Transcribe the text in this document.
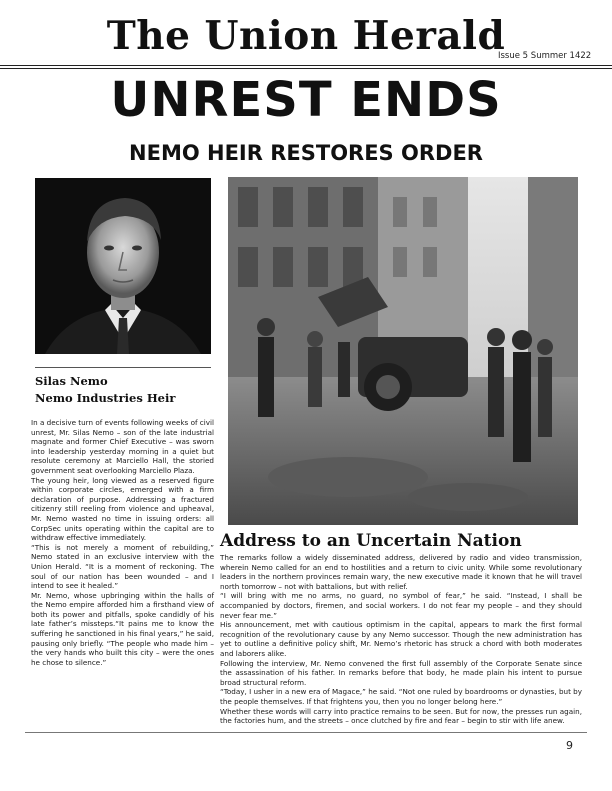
The Union Herald
Issue 5 Summer 1422
UNREST ENDS
NEMO HEIR RESTORES ORDER
Silas Nemo
Nemo Industries Heir

In a decisive turn of events following weeks of civil unrest, Mr. Silas Nemo – son of the late industrial magnate and former Chief Executive – was sworn into leadership yesterday morning in a quiet but resolute ceremony at Marciello Hall, the storied government seat overlooking Marciello Plaza.

The young heir, long viewed as a reserved figure within corporate circles, emerged with a firm declaration of purpose. Addressing a fractured citizenry still reeling from violence and upheaval, Mr. Nemo wasted no time in issuing orders: all CorpSec units operating within the capital are to withdraw effective immediately.

“This is not merely a moment of rebuilding,” Nemo stated in an exclusive interview with the Union Herald. “It is a moment of reckoning. The soul of our nation has been wounded – and I intend to see it healed.”

Mr. Nemo, whose upbringing within the halls of the Nemo empire afforded him a firsthand view of both its power and pitfalls, spoke candidly of his late father’s missteps.“It pains me to know the suffering he sanctioned in his final years,” he said, pausing only briefly. “The people who made him – the very hands who built this city – were the ones he chose to silence.”

Address to an Uncertain Nation

The remarks follow a widely disseminated address, delivered by radio and video transmission, wherein Nemo called for an end to hostilities and a return to civic unity. While some revolutionary leaders in the northern provinces remain wary, the new executive made it known that he will travel north tomorrow – not with battalions, but with relief.

“I will bring with me no arms, no guard, no symbol of fear,” he said. “Instead, I shall be accompanied by doctors, firemen, and social workers. I do not fear my people – and they should never fear me.”

His announcement, met with cautious optimism in the capital, appears to mark the first formal recognition of the revolutionary cause by any Nemo successor. Though the new administration has yet to outline a definitive policy shift, Mr. Nemo’s rhetoric has struck a chord with both moderates and laborers alike.

Following the interview, Mr. Nemo convened the first full assembly of the Corporate Senate since the assassination of his father. In remarks before that body, he made plain his intent to pursue broad structural reform.

“Today, I usher in a new era of Magace,” he said. “Not one ruled by boardrooms or dynasties, but by the people themselves. If that frightens you, then you no longer belong here.”

Whether these words will carry into practice remains to be seen. But for now, the presses run again, the factories hum, and the streets – once clutched by fire and fear – begin to stir with life anew.

9
